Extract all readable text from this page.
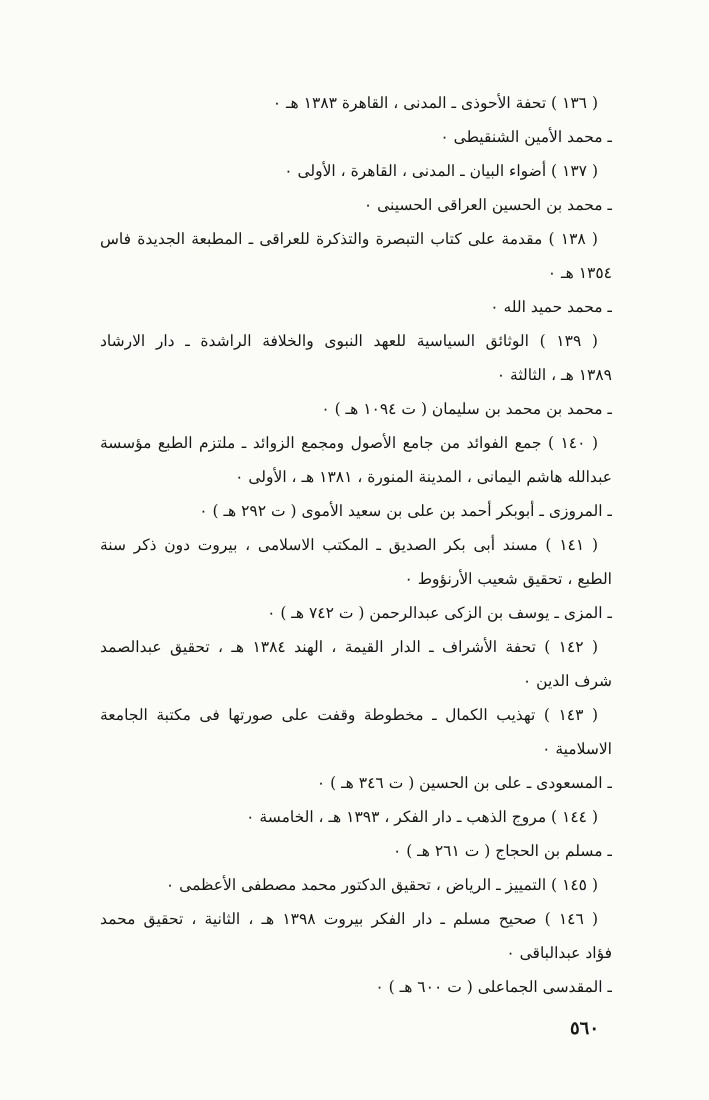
( ١٣٦ ) تحفة الأحوذى ـ المدنى ، القاهرة ١٣٨٣ هـ ٠
ـ محمد الأمين الشنقيطى ٠
( ١٣٧ ) أضواء البيان ـ المدنى ، القاهرة ، الأولى ٠
ـ محمد بن الحسين العراقى الحسينى ٠
( ١٣٨ ) مقدمة على كتاب التبصرة والتذكرة للعراقى ـ المطبعة الجديدة فاس
١٣٥٤ هـ ٠
ـ محمد حميد الله ٠
( ١٣٩ ) الوثائق السياسية للعهد النبوى والخلافة الراشدة ـ دار الارشاد
١٣٨٩ هـ ، الثالثة ٠
ـ محمد بن محمد بن سليمان ( ت ١٠٩٤ هـ ) ٠
( ١٤٠ ) جمع الفوائد من جامع الأصول ومجمع الزوائد ـ ملتزم الطبع مؤسسة
عبدالله هاشم اليمانى ، المدينة المنورة ، ١٣٨١ هـ ، الأولى ٠
ـ المروزى ـ أبوبكر أحمد بن على بن سعيد الأموى ( ت ٢٩٢ هـ ) ٠
( ١٤١ ) مسند أبى بكر الصديق ـ المكتب الاسلامى ، بيروت دون ذكر سنة
الطبع ، تحقيق شعيب الأرنؤوط ٠
ـ المزى ـ يوسف بن الزكى عبدالرحمن ( ت ٧٤٢ هـ ) ٠
( ١٤٢ ) تحفة الأشراف ـ الدار القيمة ، الهند ١٣٨٤ هـ ، تحقيق عبدالصمد
شرف الدين ٠
( ١٤٣ ) تهذيب الكمال ـ مخطوطة وقفت على صورتها فى مكتبة الجامعة
الاسلامية ٠
ـ المسعودى ـ على بن الحسين ( ت ٣٤٦ هـ ) ٠
( ١٤٤ ) مروج الذهب ـ دار الفكر ، ١٣٩٣ هـ ، الخامسة ٠
ـ مسلم بن الحجاج ( ت ٢٦١ هـ ) ٠
( ١٤٥ ) التمييز ـ الرياض ، تحقيق الدكتور محمد مصطفى الأعظمى ٠
( ١٤٦ ) صحيح مسلم ـ دار الفكر بيروت ١٣٩٨ هـ ، الثانية ، تحقيق محمد
فؤاد عبدالباقى ٠
ـ المقدسى الجماعلى ( ت ٦٠٠ هـ ) ٠
٥٦٠
